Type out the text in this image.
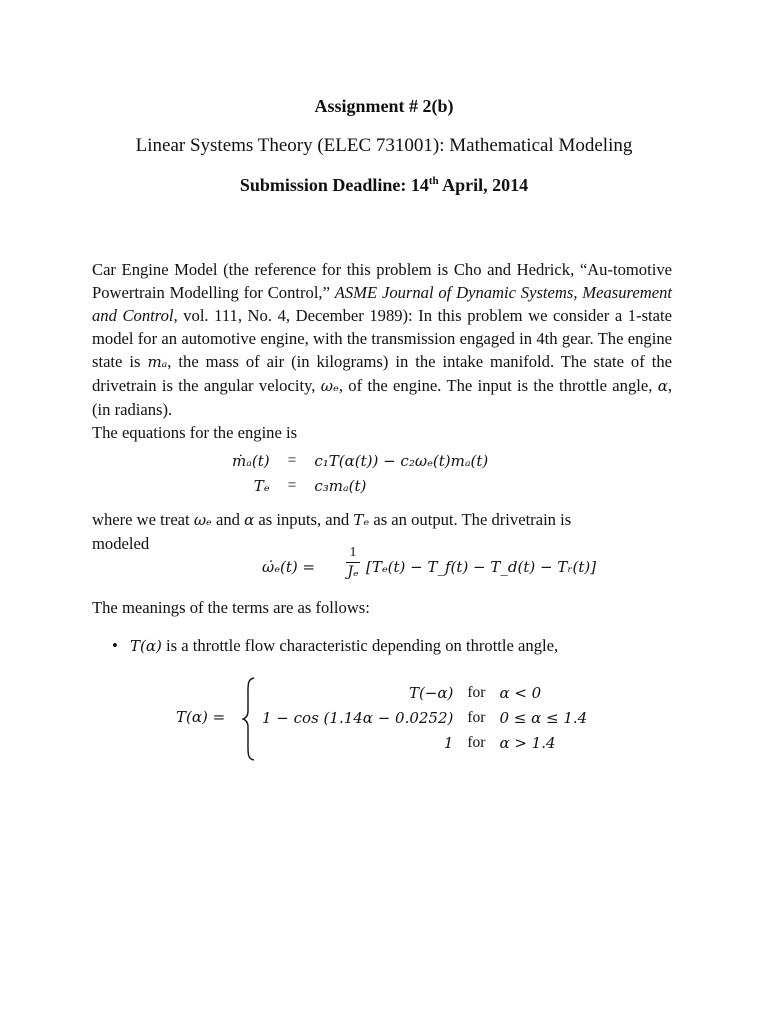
Assignment # 2(b)
Linear Systems Theory (ELEC 731001): Mathematical Modeling
Submission Deadline: 14th April, 2014
Car Engine Model (the reference for this problem is Cho and Hedrick, “Au-tomotive Powertrain Modelling for Control,” ASME Journal of Dynamic Systems, Measurement and Control, vol. 111, No. 4, December 1989): In this problem we consider a 1-state model for an automotive engine, with the transmission engaged in 4th gear. The engine state is mₐ, the mass of air (in kilograms) in the intake manifold. The state of the drivetrain is the angular velocity, ωₑ, of the engine. The input is the throttle angle, α, (in radians).
The equations for the engine is
ṁₐ(t)	=	c₁T(α(t)) − c₂ωₑ(t)mₐ(t)
Tₑ	=	c₃mₐ(t)
where we treat ωₑ and α as inputs, and Tₑ as an output. The drivetrain is
modeled
ω̇ₑ(t) =
1
Jₑ [Tₑ(t) − T_f(t) − T_d(t) − Tᵣ(t)]
The meanings of the terms are as follows:
• T(α) is a throttle flow characteristic depending on throttle angle,
T(α) =
T(−α)	for	α < 0
1 − cos (1.14α − 0.0252)	for	0 ≤ α ≤ 1.4
1	for	α > 1.4
